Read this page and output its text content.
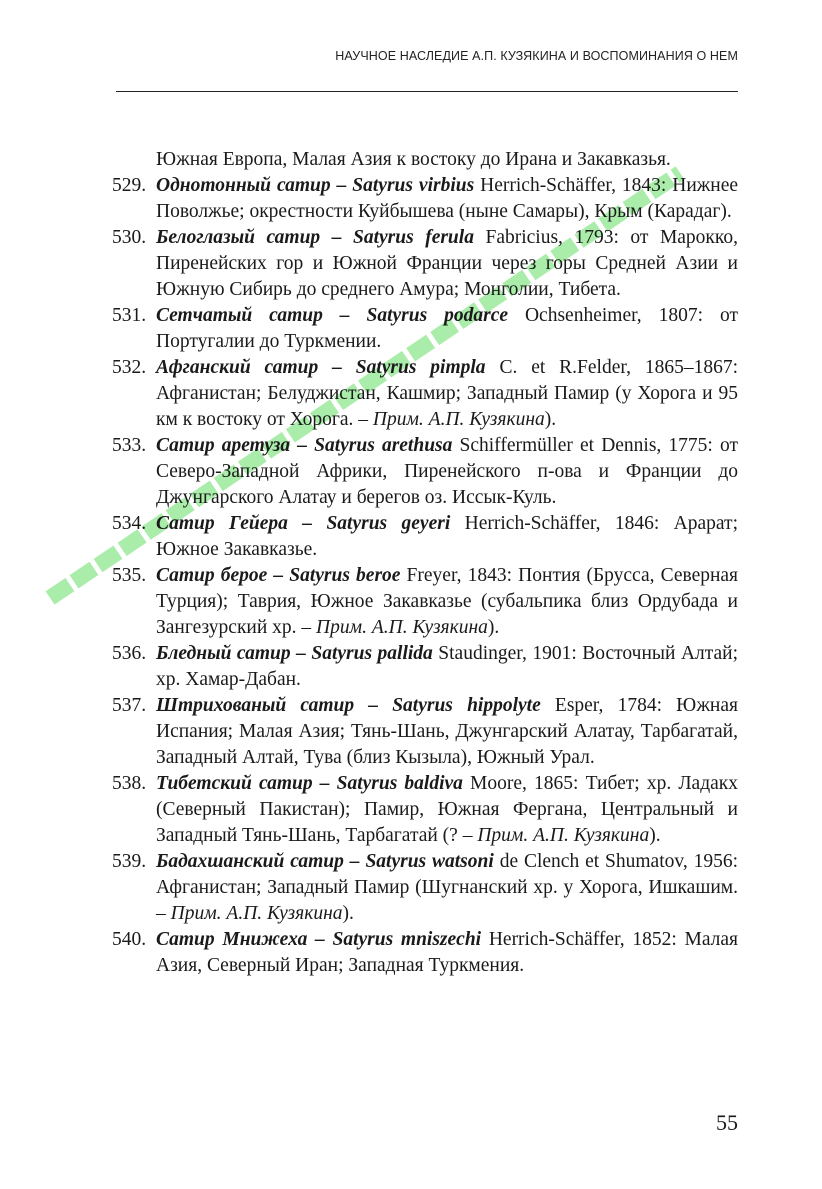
НАУЧНОЕ НАСЛЕДИЕ А.П. КУЗЯКИНА И ВОСПОМИНАНИЯ О НЕМ
Южная Европа, Малая Азия к востоку до Ирана и Закавказья.
529. Однотонный сатир – Satyrus virbius Herrich-Schäffer, 1843: Нижнее Поволжье; окрестности Куйбышева (ныне Самары), Крым (Карадаг).
530. Белоглазый сатир – Satyrus ferula Fabricius, 1793: от Марокко, Пиренейских гор и Южной Франции через горы Средней Азии и Южную Сибирь до среднего Амура; Монголии, Тибета.
531. Сетчатый сатир – Satyrus podarce Ochsenheimer, 1807: от Португалии до Туркмении.
532. Афганский сатир – Satyrus pimpla C. et R.Felder, 1865–1867: Афганистан; Белуджистан, Кашмир; Западный Памир (у Хорога и 95 км к востоку от Хорога. – Прим. А.П. Кузякина).
533. Сатир аретуза – Satyrus arethusa Schiffermüller et Dennis, 1775: от Северо-Западной Африки, Пиренейского п-ова и Франции до Джунгарского Алатау и берегов оз. Иссык-Куль.
534. Сатир Гейера – Satyrus geyeri Herrich-Schäffer, 1846: Арарат; Южное Закавказье.
535. Сатир бероe – Satyrus beroe Freyer, 1843: Понтия (Брусса, Северная Турция); Таврия, Южное Закавказье (субальпика близ Ордубада и Зангезурский хр. – Прим. А.П. Кузякина).
536. Бледный сатир – Satyrus pallida Staudinger, 1901: Восточный Алтай; хр. Хамар-Дабан.
537. Штрихованый сатир – Satyrus hippolyte Esper, 1784: Южная Испания; Малая Азия; Тянь-Шань, Джунгарский Алатау, Тарбагатай, Западный Алтай, Тува (близ Кызыла), Южный Урал.
538. Тибетский сатир – Satyrus baldiva Moore, 1865: Тибет; хр. Ладакх (Северный Пакистан); Памир, Южная Фергана, Центральный и Западный Тянь-Шань, Тарбагатай (? – Прим. А.П. Кузякина).
539. Бадахшанский сатир – Satyrus watsoni de Clench et Shumatov, 1956: Афганистан; Западный Памир (Шугнанский хр. у Хорога, Ишкашим. – Прим. А.П. Кузякина).
540. Сатир Мнижеха – Satyrus mniszechi Herrich-Schäffer, 1852: Малая Азия, Северный Иран; Западная Туркмения.
55
